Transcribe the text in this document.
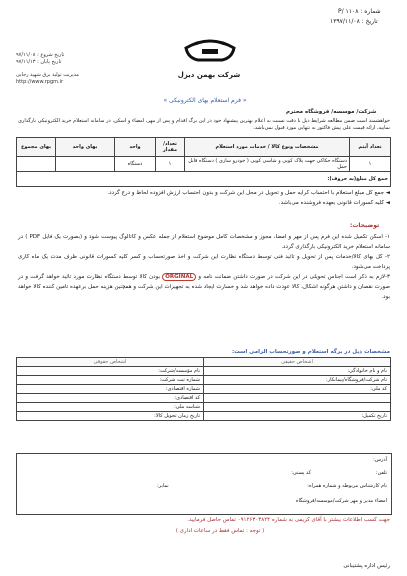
شماره : P/ ۱۱۰۸
تاریخ : ۱۳۹۷/۱۱/۰۸
تاریخ شروع : ۹۷/۱۱/۰۸
تاریخ پایان : ۹۷/۱۱/۱۳
مدیریت تولید برق شهید رجایی
http://www.rpgm.ir
شرکت بهمن دیزل
« فرم استعلام بهای الکترونیکی »
شرکت/ موسسه/ فروشگاه محترم
خواهشمند است ضمن مطالعه شرایط ذیل با دقت نسبت به اعلام بهترین پیشنهاد خود در این برگ اقدام و پس از مهر، امضاء و اسکن، در سامانه استعلام خرید الکترونیکی بارگذاری نمایید، ارائه قیمت علی پیش فاکتور به تنهایی مورد قبول نمی‌باشد.
تعداد آیتم	مشخصات ونوع کالا / خدمات مورد استعلام	تعداد/ مقدار	واحد	بهای واحد	بهای مجموع
۱	دستگاه حکاکی جهت پلاک کوبی و شاسی کوبی ( خودرو سازی ) دستگاه قابل حمل	۱	دستگاه		
جمع کل مبلغ(به حروف):					
◄ جمع کل مبلغ استعلام با احتساب کرایه حمل و تحویل در محل این شرکت و بدون احتساب ارزش افزوده لحاظ و درج گردد.
◄ کلیه کسورات قانونی بعهده فروشنده می‌باشد.
توضیحات:
۱- اسکن تکمیل شده این فرم پس از مهر و امضا، مجوز و مشخصات کامل موضوع استعلام از جمله عکس و کاتالوگ پیوست شود و (بصورت یک فایل PDF ) در سامانه استعلام خرید الکترونیکی بارگذاری گردد.
۲- کل بهای کالا/خدمات پس از تحویل و تائید فنی توسط دستگاه نظارت این شرکت و اخذ صورتحساب و کسر کلیه کسورات قانونی ظرف مدت یک ماه کاری پرداخت می‌شود.
۳-لازم به ذکر است اجناس تحویلی در این شرکت در صورت داشتن ضمانت نامه و ORGINAL بودن کالا توسط دستگاه نظارت مورد تائید خواهد گرفت و در صورت نقصان و داشتن هرگونه اشکال، کالا عودت داده خواهد شد و خسارت ایجاد شده به تجهیزات این شرکت و همچنین هزینه حمل برعهده تامین کننده کالا خواهد بود.
مشخصات ذیل در برگه استعلام و صورتحساب الزامی است:
اشخاص حقیقی	اشخاص حقوقی
نام و نام خانوادگی:	نام مؤسسه/شرکت:
نام شرکت/فروشگاه/پیمانکار:	شماره ثبت شرکت:
کد ملی:	شماره اقتصادی:
	کد اقتصادی:
	شناسه ملی:
تاریخ تکمیل:	تاریخ زمان تحویل کالا:
آدرس:
تلفن:
کد پستی:
نام کارشناس مربوطه و شماره همراه:
نمابر:
امضاء مدیر و مهر شرکت/موسسه/فروشگاه
جهت کسب اطلاعات بیشتر با آقای کریمی به شماره ۰۹۱۲۶۳۰۳۸۲۴ تماس حاصل فرمایید.
( توجه : تماس فقط در ساعات اداری )
رئیس اداره پشتیبانی
